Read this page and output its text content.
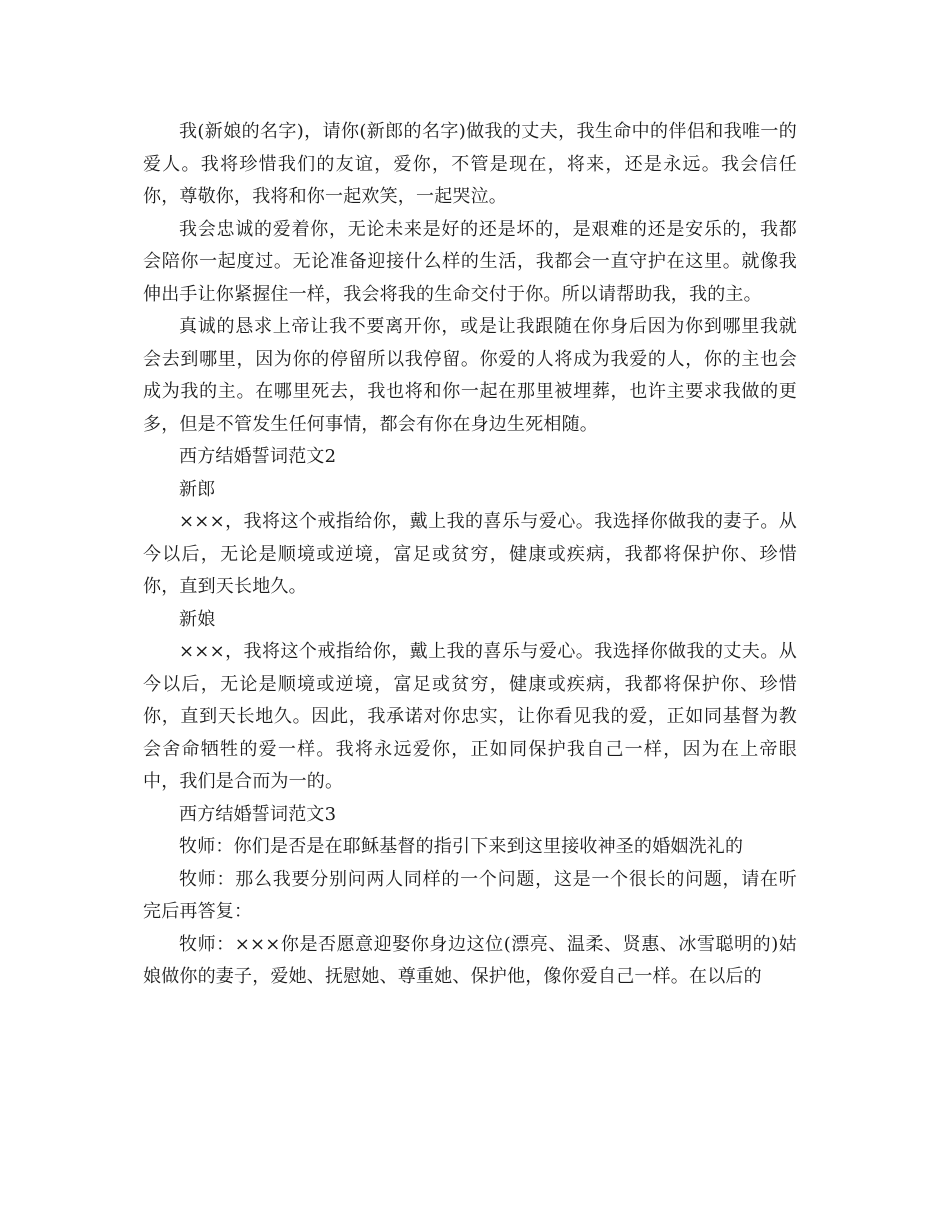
我(新娘的名字)，请你(新郎的名字)做我的丈夫，我生命中的伴侣和我唯一的爱人。我将珍惜我们的友谊，爱你，不管是现在，将来，还是永远。我会信任你，尊敬你，我将和你一起欢笑，一起哭泣。

我会忠诚的爱着你，无论未来是好的还是坏的，是艰难的还是安乐的，我都会陪你一起度过。无论准备迎接什么样的生活，我都会一直守护在这里。就像我伸出手让你紧握住一样，我会将我的生命交付于你。所以请帮助我，我的主。

真诚的恳求上帝让我不要离开你，或是让我跟随在你身后因为你到哪里我就会去到哪里，因为你的停留所以我停留。你爱的人将成为我爱的人，你的主也会成为我的主。在哪里死去，我也将和你一起在那里被埋葬，也许主要求我做的更多，但是不管发生任何事情，都会有你在身边生死相随。

西方结婚誓词范文2

新郎

×××，我将这个戒指给你，戴上我的喜乐与爱心。我选择你做我的妻子。从今以后，无论是顺境或逆境，富足或贫穷，健康或疾病，我都将保护你、珍惜你，直到天长地久。

新娘

×××，我将这个戒指给你，戴上我的喜乐与爱心。我选择你做我的丈夫。从今以后，无论是顺境或逆境，富足或贫穷，健康或疾病，我都将保护你、珍惜你，直到天长地久。因此，我承诺对你忠实，让你看见我的爱，正如同基督为教会舍命牺牲的爱一样。我将永远爱你，正如同保护我自己一样，因为在上帝眼中，我们是合而为一的。

西方结婚誓词范文3

牧师：你们是否是在耶稣基督的指引下来到这里接收神圣的婚姻洗礼的

牧师：那么我要分别问两人同样的一个问题，这是一个很长的问题，请在听完后再答复：

牧师：×××你是否愿意迎娶你身边这位(漂亮、温柔、贤惠、冰雪聪明的)姑娘做你的妻子，爱她、抚慰她、尊重她、保护他，像你爱自己一样。在以后的
